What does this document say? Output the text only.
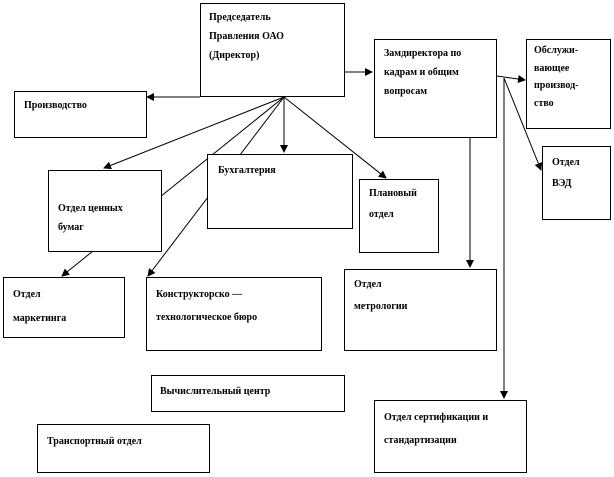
Председатель
Правления ОАО
(Директор)	Замдиректора по
кадрам и общим
вопросам
Обслужи-
вающее
производ-
ство
Производство
Отдел
ВЭД
Бухгалтерия
Отдел ценных
бумаг
Плановый
отдел
Отдел
маркетинга
Конструкторско —
технологическое бюро
Отдел
метрологии
Вычислительный центр
Отдел сертификации и
стандартизации
Транспортный отдел
